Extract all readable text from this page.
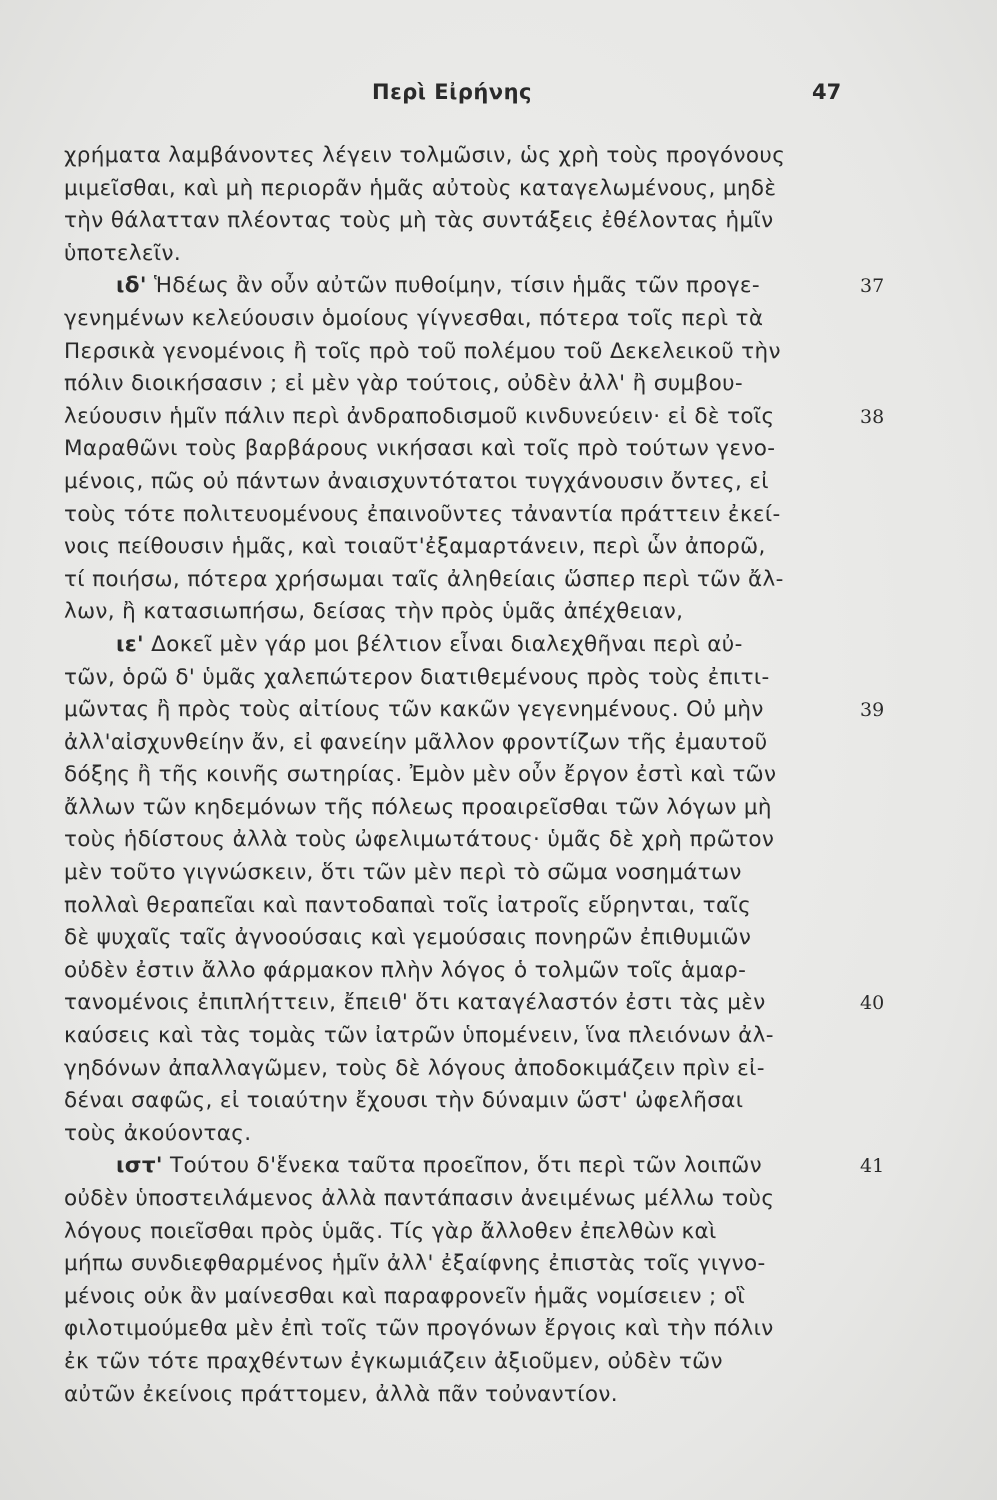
Περὶ Εἰρήνης	47
χρήματα λαμβάνοντες λέγειν τολμῶσιν, ὡς χρὴ τοὺς προγόνους
μιμεῖσθαι, καὶ μὴ περιορᾶν ἡμᾶς αὐτοὺς καταγελωμένους, μηδὲ
τὴν θάλατταν πλέοντας τοὺς μὴ τὰς συντάξεις ἐθέλοντας ἡμῖν
ὑποτελεῖν.
ιδ' Ἡδέως ἂν οὖν αὐτῶν πυθοίμην, τίσιν ἡμᾶς τῶν προγε-	37
γενημένων κελεύουσιν ὁμοίους γίγνεσθαι, πότερα τοῖς περὶ τὰ
Περσικὰ γενομένοις ἢ τοῖς πρὸ τοῦ πολέμου τοῦ Δεκελεικοῦ τὴν
πόλιν διοικήσασιν ; εἰ μὲν γὰρ τούτοις, οὐδὲν ἀλλ' ἢ συμβου-
λεύουσιν ἡμῖν πάλιν περὶ ἀνδραποδισμοῦ κινδυνεύειν· εἰ δὲ τοῖς	38
Μαραθῶνι τοὺς βαρβάρους νικήσασι καὶ τοῖς πρὸ τούτων γενο-
μένοις, πῶς οὐ πάντων ἀναισχυντότατοι τυγχάνουσιν ὄντες, εἰ
τοὺς τότε πολιτευομένους ἐπαινοῦντες τἀναντία πράττειν ἐκεί-
νοις πείθουσιν ἡμᾶς, καὶ τοιαῦτ'ἐξαμαρτάνειν, περὶ ὧν ἀπορῶ,
τί ποιήσω, πότερα χρήσωμαι ταῖς ἀληθείαις ὥσπερ περὶ τῶν ἄλ-
λων, ἢ κατασιωπήσω, δείσας τὴν πρὸς ὑμᾶς ἀπέχθειαν,
ιε' Δοκεῖ μὲν γάρ μοι βέλτιον εἶναι διαλεχθῆναι περὶ αὐ-
τῶν, ὁρῶ δ' ὑμᾶς χαλεπώτερον διατιθεμένους πρὸς τοὺς ἐπιτι-
μῶντας ἢ πρὸς τοὺς αἰτίους τῶν κακῶν γεγενημένους. Οὐ μὴν	39
ἀλλ'αἰσχυνθείην ἄν, εἰ φανείην μᾶλλον φροντίζων τῆς ἐμαυτοῦ
δόξης ἢ τῆς κοινῆς σωτηρίας. Ἐμὸν μὲν οὖν ἔργον ἐστὶ καὶ τῶν
ἄλλων τῶν κηδεμόνων τῆς πόλεως προαιρεῖσθαι τῶν λόγων μὴ
τοὺς ἡδίστους ἀλλὰ τοὺς ὠφελιμωτάτους· ὑμᾶς δὲ χρὴ πρῶτον
μὲν τοῦτο γιγνώσκειν, ὅτι τῶν μὲν περὶ τὸ σῶμα νοσημάτων
πολλαὶ θεραπεῖαι καὶ παντοδαπαὶ τοῖς ἰατροῖς εὕρηνται, ταῖς
δὲ ψυχαῖς ταῖς ἀγνοούσαις καὶ γεμούσαις πονηρῶν ἐπιθυμιῶν
οὐδὲν ἐστιν ἄλλο φάρμακον πλὴν λόγος ὁ τολμῶν τοῖς ἁμαρ-
τανομένοις ἐπιπλήττειν, ἔπειθ' ὅτι καταγέλαστόν ἐστι τὰς μὲν	40
καύσεις καὶ τὰς τομὰς τῶν ἰατρῶν ὑπομένειν, ἵνα πλειόνων ἀλ-
γηδόνων ἀπαλλαγῶμεν, τοὺς δὲ λόγους ἀποδοκιμάζειν πρὶν εἰ-
δέναι σαφῶς, εἰ τοιαύτην ἔχουσι τὴν δύναμιν ὥστ' ὠφελῆσαι
τοὺς ἀκούοντας.
ιστ' Τούτου δ'ἕνεκα ταῦτα προεῖπον, ὅτι περὶ τῶν λοιπῶν	41
οὐδὲν ὑποστειλάμενος ἀλλὰ παντάπασιν ἀνειμένως μέλλω τοὺς
λόγους ποιεῖσθαι πρὸς ὑμᾶς. Τίς γὰρ ἄλλοθεν ἐπελθὼν καὶ
μήπω συνδιεφθαρμένος ἡμῖν ἀλλ' ἐξαίφνης ἐπιστὰς τοῖς γιγνο-
μένοις οὐκ ἂν μαίνεσθαι καὶ παραφρονεῖν ἡμᾶς νομίσειεν ; οἳ
φιλοτιμούμεθα μὲν ἐπὶ τοῖς τῶν προγόνων ἔργοις καὶ τὴν πόλιν
ἐκ τῶν τότε πραχθέντων ἐγκωμιάζειν ἀξιοῦμεν, οὐδὲν τῶν
αὐτῶν ἐκείνοις πράττομεν, ἀλλὰ πᾶν τοὐναντίον.
